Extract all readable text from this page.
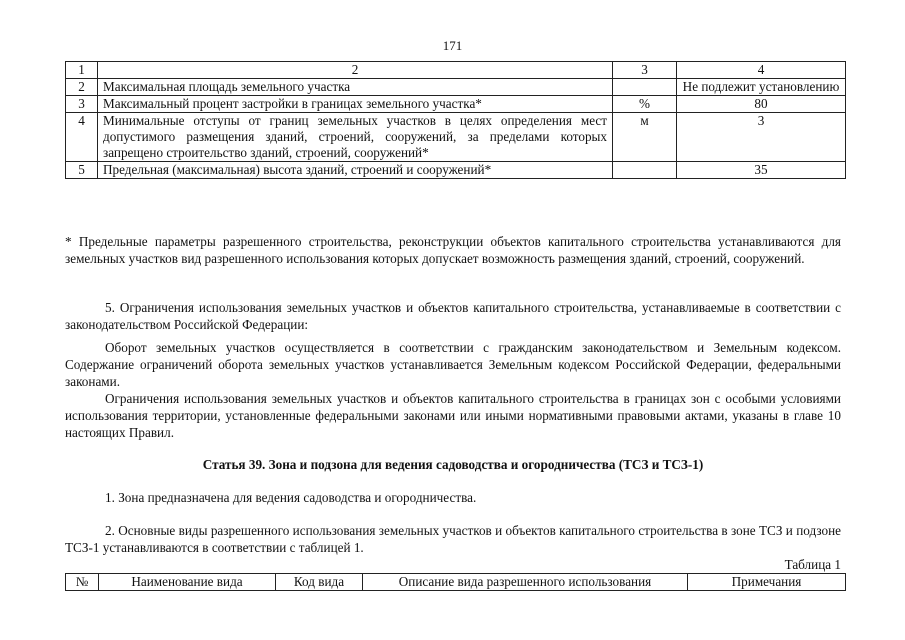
171
1	2	3	4
2	Максимальная площадь земельного участка		Не подлежит установлению
3	Максимальный процент застройки в границах земельного участка*	%	80
4	Минимальные отступы от границ земельных участков в целях определения мест допустимого размещения зданий, строений, сооружений, за пределами которых запрещено строительство зданий, строений, сооружений*	м	3
5	Предельная (максимальная) высота зданий, строений и сооружений*		35

* Предельные параметры разрешенного строительства, реконструкции объектов капитального строительства устанавливаются для земельных участков вид разрешенного использования которых допускает возможность размещения зданий, строений, сооружений.

5. Ограничения использования земельных участков и объектов капитального строительства, устанавливаемые в соответствии с законодательством Российской Федерации:

Оборот земельных участков осуществляется в соответствии с гражданским законодательством и Земельным кодексом. Содержание ограничений оборота земельных участков устанавливается Земельным кодексом Российской Федерации, федеральными законами.

Ограничения использования земельных участков и объектов капитального строительства в границах зон с особыми условиями использования территории, установленные федеральными законами или иными нормативными правовыми актами, указаны в главе 10 настоящих Правил.

Статья 39. Зона и подзона для ведения садоводства и огородничества (ТСЗ и ТСЗ-1)

1. Зона предназначена для ведения садоводства и огородничества.

2. Основные виды разрешенного использования земельных участков и объектов капитального строительства в зоне ТСЗ и подзоне ТСЗ-1 устанавливаются в соответствии с таблицей 1.

Таблица 1
№	Наименование вида	Код вида	Описание вида разрешенного использования	Примечания
